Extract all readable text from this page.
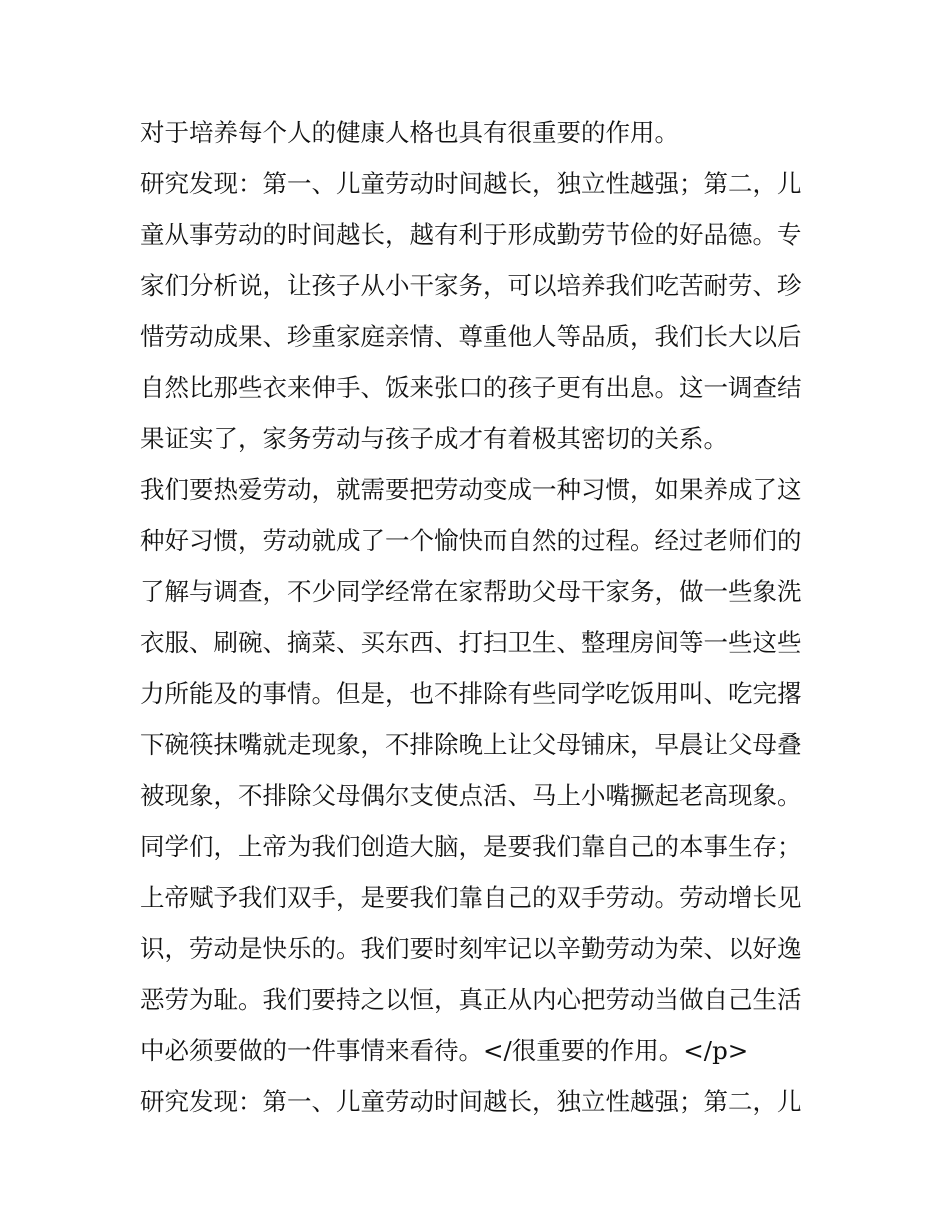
对于培养每个人的健康人格也具有很重要的作用。
研究发现：第一、儿童劳动时间越长，独立性越强；第二，儿
童从事劳动的时间越长，越有利于形成勤劳节俭的好品德。专
家们分析说，让孩子从小干家务，可以培养我们吃苦耐劳、珍
惜劳动成果、珍重家庭亲情、尊重他人等品质，我们长大以后
自然比那些衣来伸手、饭来张口的孩子更有出息。这一调查结
果证实了，家务劳动与孩子成才有着极其密切的关系。
我们要热爱劳动，就需要把劳动变成一种习惯，如果养成了这
种好习惯，劳动就成了一个愉快而自然的过程。经过老师们的
了解与调查，不少同学经常在家帮助父母干家务，做一些象洗
衣服、刷碗、摘菜、买东西、打扫卫生、整理房间等一些这些
力所能及的事情。但是，也不排除有些同学吃饭用叫、吃完撂
下碗筷抹嘴就走现象，不排除晚上让父母铺床，早晨让父母叠
被现象，不排除父母偶尔支使点活、马上小嘴撅起老高现象。
同学们，上帝为我们创造大脑，是要我们靠自己的本事生存；
上帝赋予我们双手，是要我们靠自己的双手劳动。劳动增长见
识，劳动是快乐的。我们要时刻牢记以辛勤劳动为荣、以好逸
恶劳为耻。我们要持之以恒，真正从内心把劳动当做自己生活
中必须要做的一件事情来看待。</很重要的作用。</p>
研究发现：第一、儿童劳动时间越长，独立性越强；第二，儿
